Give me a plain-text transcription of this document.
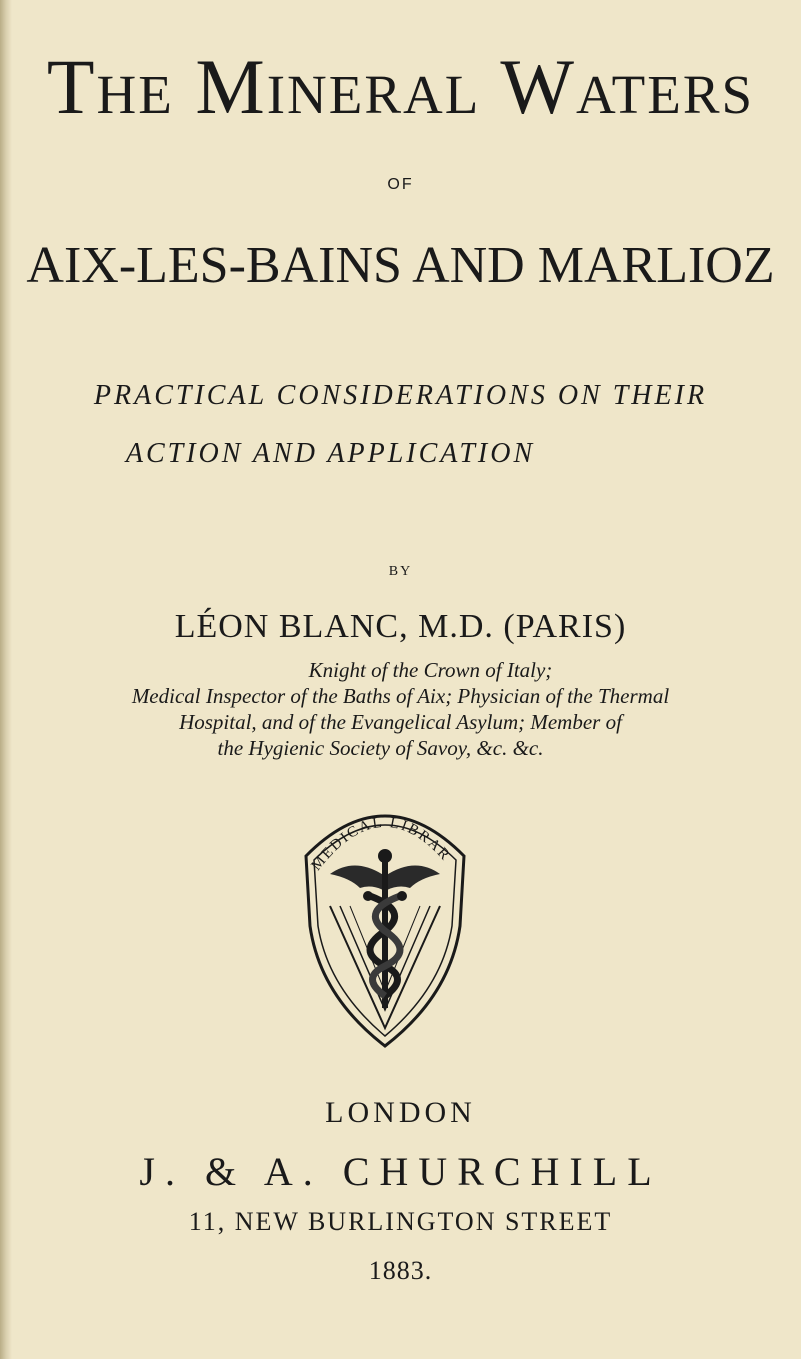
The Mineral Waters
OF
AIX-LES-BAINS AND MARLIOZ
PRACTICAL CONSIDERATIONS ON THEIR
ACTION AND APPLICATION
BY
LÉON BLANC, M.D. (PARIS)
Knight of the Crown of Italy;
Medical Inspector of the Baths of Aix; Physician of the Thermal
Hospital, and of the Evangelical Asylum; Member of
the Hygienic Society of Savoy, &c. &c.
MEDICAL LIBRAR
LONDON
J. & A. CHURCHILL
11, NEW BURLINGTON STREET
1883.
